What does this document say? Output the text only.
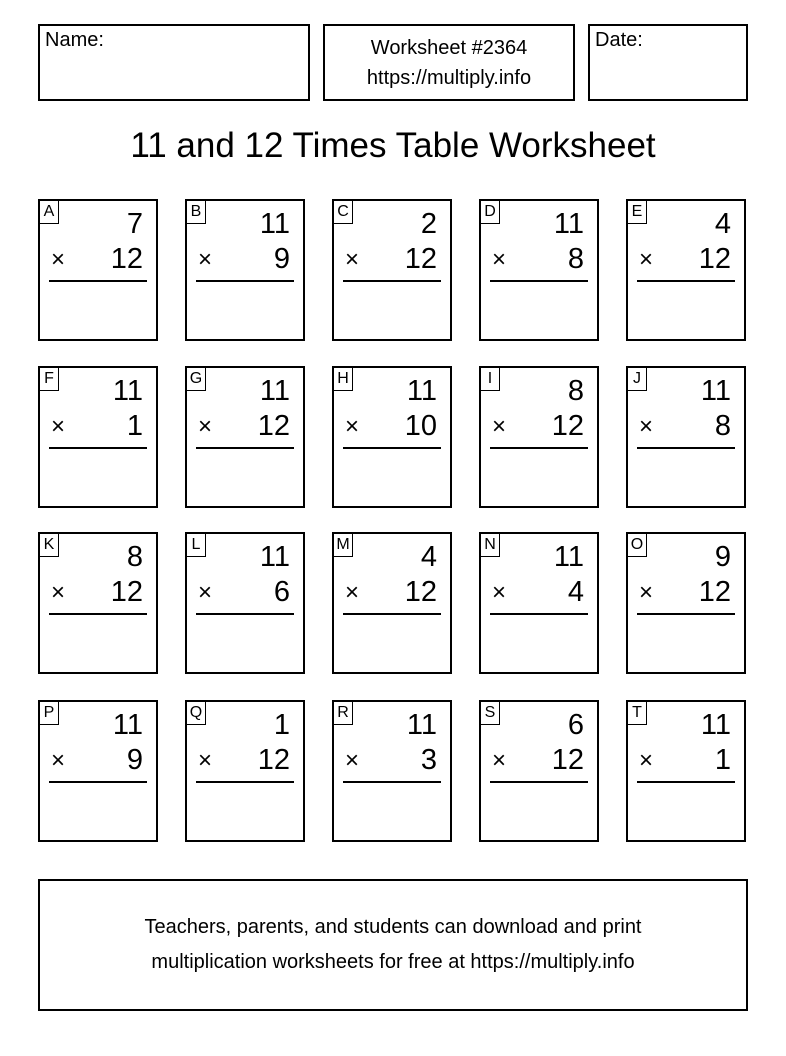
Name:	Worksheet #2364
https://multiply.info
Date:
11 and 12 Times Table Worksheet
A	7
× 12
B 11
× 9
C 2
× 12
D 11
× 8
E	4
× 12
F 11
× 1
G 11
× 12
H 11
× 10
I	8
× 12
J 11
× 8
K	8
× 12
L 11
× 6
M 4
× 12
N 11
× 4
O 9
× 12
P 11
× 9
Q 1
× 12
R 11
× 3
S	6
× 12
T 11
× 1
Teachers, parents, and students can download and print
multiplication worksheets for free at https://multiply.info
